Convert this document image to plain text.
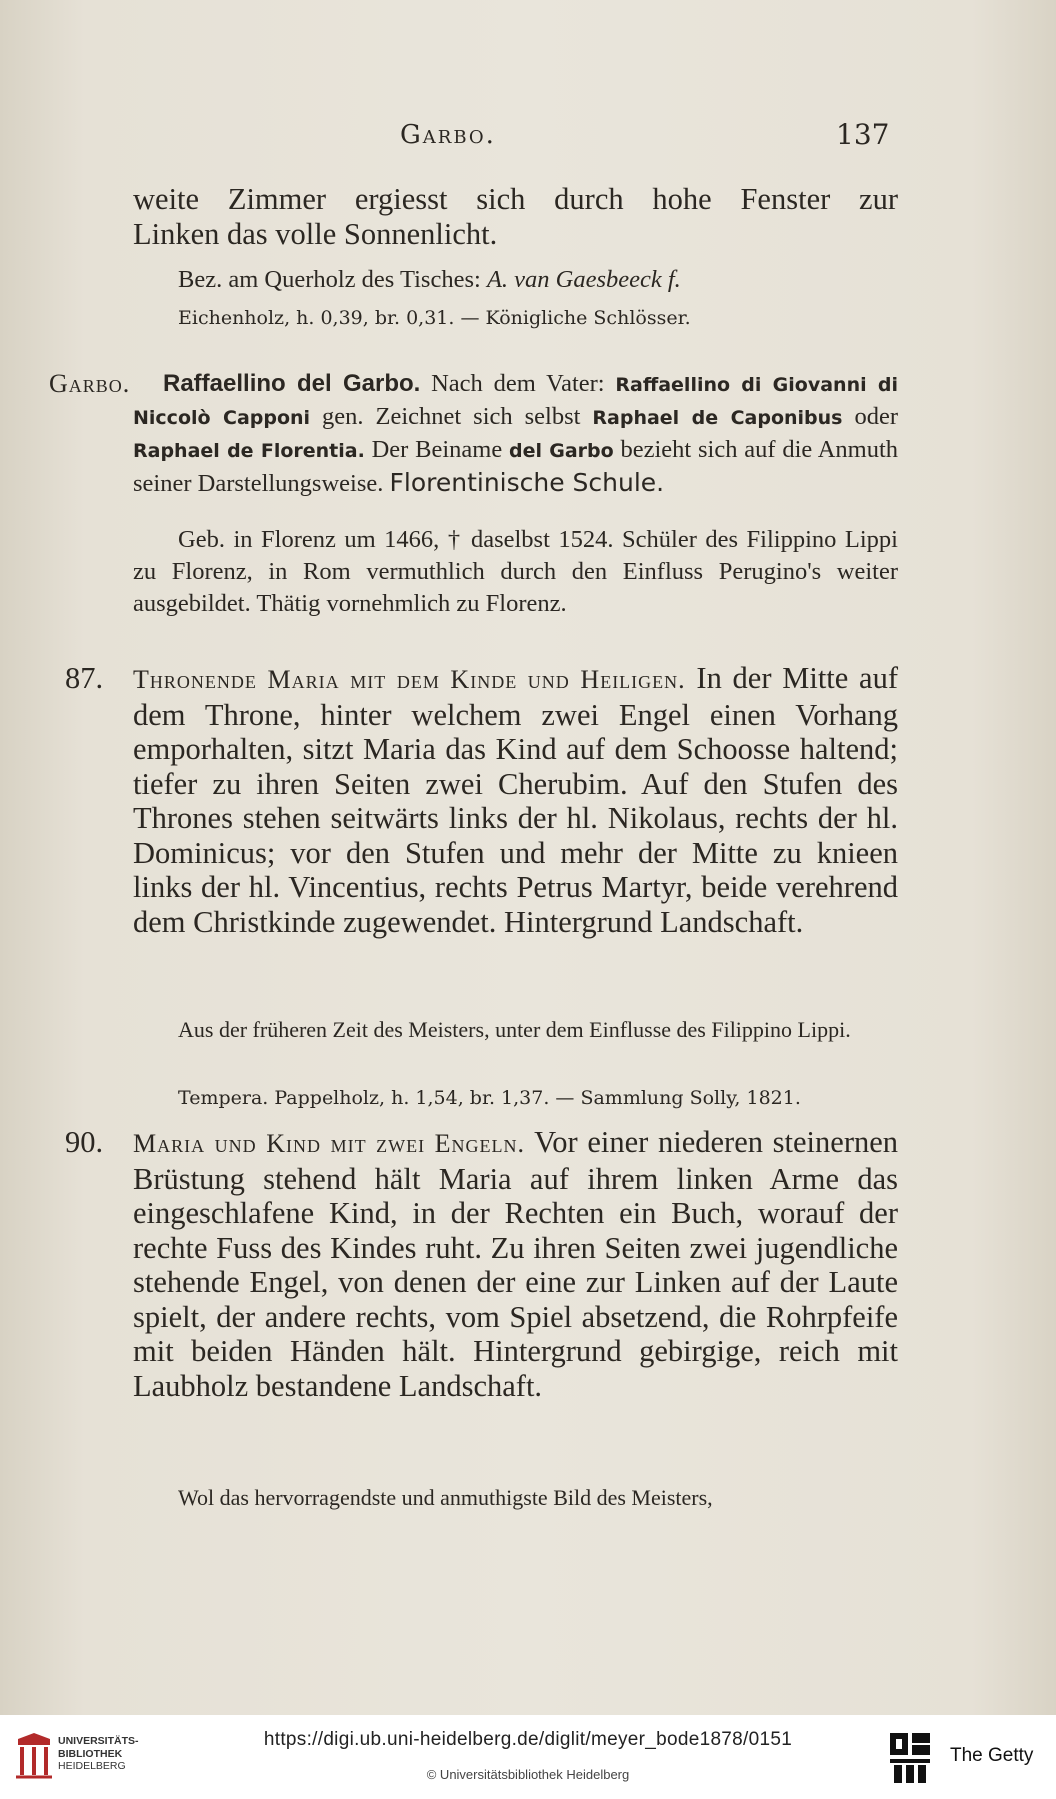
Garbo.	137
weite Zimmer ergiesst sich durch hohe Fenster zur
Linken das volle Sonnenlicht.
Bez. am Querholz des Tisches: A. van Gaesbeeck f.
Eichenholz, h. 0,39, br. 0,31. — Königliche Schlösser.
Garbo. Raffaellino del Garbo. Nach dem Vater: Raffaellino di Giovanni di Niccolò Capponi gen. Zeichnet sich selbst Raphael de Caponibus oder Raphael de Florentia. Der Beiname del Garbo bezieht sich auf die Anmuth seiner Darstellungsweise. Florentinische Schule.
Geb. in Florenz um 1466, † daselbst 1524. Schüler des Filippino Lippi zu Florenz, in Rom vermuthlich durch den Einfluss Perugino's weiter ausgebildet. Thätig vornehmlich zu Florenz.
87. Thronende Maria mit dem Kinde und Heiligen. In der Mitte auf dem Throne, hinter welchem zwei Engel einen Vorhang emporhalten, sitzt Maria das Kind auf dem Schoosse haltend; tiefer zu ihren Seiten zwei Cherubim. Auf den Stufen des Thrones stehen seitwärts links der hl. Nikolaus, rechts der hl. Dominicus; vor den Stufen und mehr der Mitte zu knieen links der hl. Vincentius, rechts Petrus Martyr, beide verehrend dem Christkinde zugewendet. Hintergrund Landschaft.
Aus der früheren Zeit des Meisters, unter dem Einflusse des Filippino Lippi.
Tempera. Pappelholz, h. 1,54, br. 1,37. — Sammlung Solly, 1821.
90. Maria und Kind mit zwei Engeln. Vor einer niederen steinernen Brüstung stehend hält Maria auf ihrem linken Arme das eingeschlafene Kind, in der Rechten ein Buch, worauf der rechte Fuss des Kindes ruht. Zu ihren Seiten zwei jugendliche stehende Engel, von denen der eine zur Linken auf der Laute spielt, der andere rechts, vom Spiel absetzend, die Rohrpfeife mit beiden Händen hält. Hintergrund gebirgige, reich mit Laubholz bestandene Landschaft.
Wol das hervorragendste und anmuthigste Bild des Meisters,
UNIVERSITÄTS-
BIBLIOTHEK
HEIDELBERG
https://digi.ub.uni-heidelberg.de/diglit/meyer_bode1878/0151
© Universitätsbibliothek Heidelberg
The Getty
